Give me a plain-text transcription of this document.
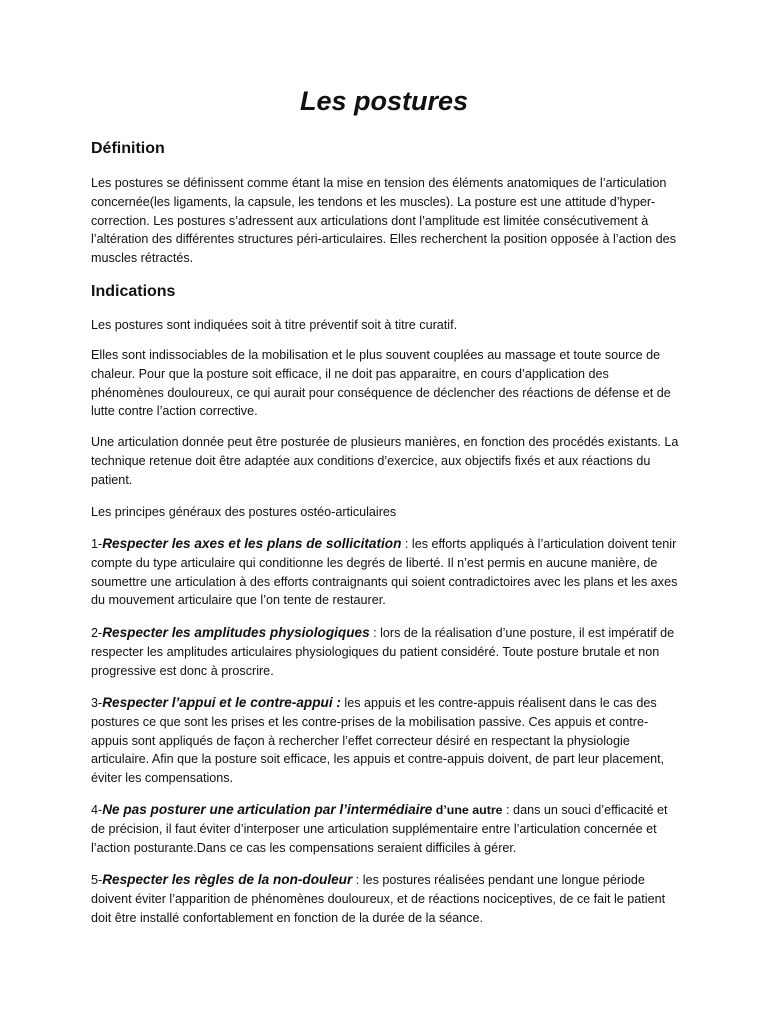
Les postures
Définition

Les postures se définissent comme étant la mise en tension des éléments anatomiques de l’articulation concernée(les ligaments, la capsule, les tendons et les muscles). La posture est une attitude d’hyper-correction. Les postures s’adressent aux articulations dont l’amplitude est limitée consécutivement à l’altération des différentes structures péri-articulaires. Elles recherchent la position opposée à l’action des muscles rétractés.

Indications

Les postures sont indiquées soit à titre préventif soit à titre curatif.

Elles sont indissociables de la mobilisation et le plus souvent couplées au massage et toute source de chaleur. Pour que la posture soit efficace, il ne doit pas apparaitre, en cours d’application des phénomènes douloureux, ce qui aurait pour conséquence de déclencher des réactions de défense et de lutte contre l’action corrective.

Une articulation donnée peut être posturée de plusieurs manières, en fonction des procédés existants. La technique retenue doit être adaptée aux conditions d’exercice, aux objectifs fixés et aux réactions du patient.

Les principes généraux des postures ostéo-articulaires

1-Respecter les axes et les plans de sollicitation : les efforts appliqués à l’articulation doivent tenir compte du type articulaire qui conditionne les degrés de liberté. Il n’est permis en aucune manière, de soumettre une articulation à des efforts contraignants qui soient contradictoires avec les plans et les axes du mouvement articulaire que l’on tente de restaurer.

2-Respecter les amplitudes physiologiques : lors de la réalisation d’une posture, il est impératif de respecter les amplitudes articulaires physiologiques du patient considéré. Toute posture brutale et non progressive est donc à proscrire.

3-Respecter l’appui et le contre-appui : les appuis et les contre-appuis réalisent dans le cas des postures ce que sont les prises et les contre-prises de la mobilisation passive. Ces appuis et contre-appuis sont appliqués de façon à rechercher l’effet correcteur désiré en respectant la physiologie articulaire. Afin que la posture soit efficace, les appuis et contre-appuis doivent, de part leur placement, éviter les compensations.

4-Ne pas posturer une articulation par l’intermédiaire d’une autre : dans un souci d’efficacité et de précision, il faut éviter d’interposer une articulation supplémentaire entre l’articulation concernée et l’action posturante.Dans ce cas les compensations seraient difficiles à gérer.

5-Respecter les règles de la non-douleur : les postures réalisées pendant une longue période doivent éviter l’apparition de phénomènes douloureux, et de réactions nociceptives, de ce fait le patient doit être installé confortablement en fonction de la durée de la séance.
